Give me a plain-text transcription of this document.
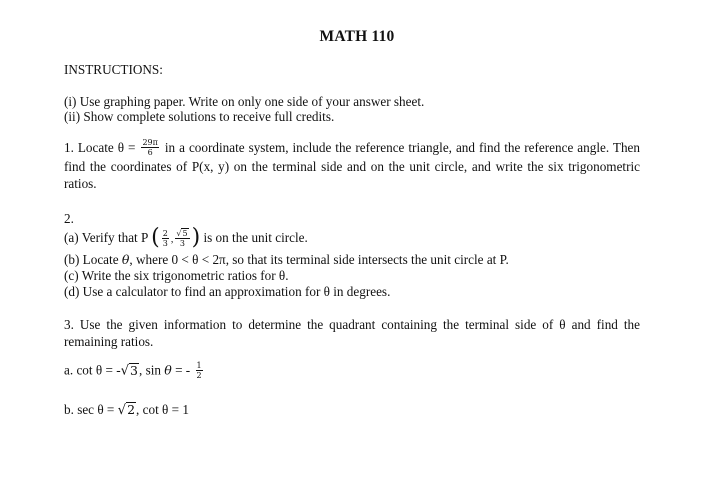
MATH 110
INSTRUCTIONS:
(i) Use graphing paper. Write on only one side of your answer sheet.
(ii) Show complete solutions to receive full credits.
1. Locate $\theta = \frac{29\pi}{6}$ in a coordinate system, include the reference triangle, and find the reference angle. Then find the coordinates of P(x, y) on the terminal side and on the unit circle, and write the six trigonometric ratios.
2.
(a) Verify that P ( $\frac{2}{3}$ , $\frac{√5}{3}$ ) is on the unit circle.
(b) Locate θ, where 0 < θ < 2π, so that its terminal side intersects the unit circle at P.
(c) Write the six trigonometric ratios for θ.
(d) Use a calculator to find an approximation for θ in degrees.
3. Use the given information to determine the quadrant containing the terminal side of θ and find the remaining ratios.
a. cot θ = -√3, sin θ = - $\frac{1}{2}$
b. sec θ = √2, cot θ = 1
